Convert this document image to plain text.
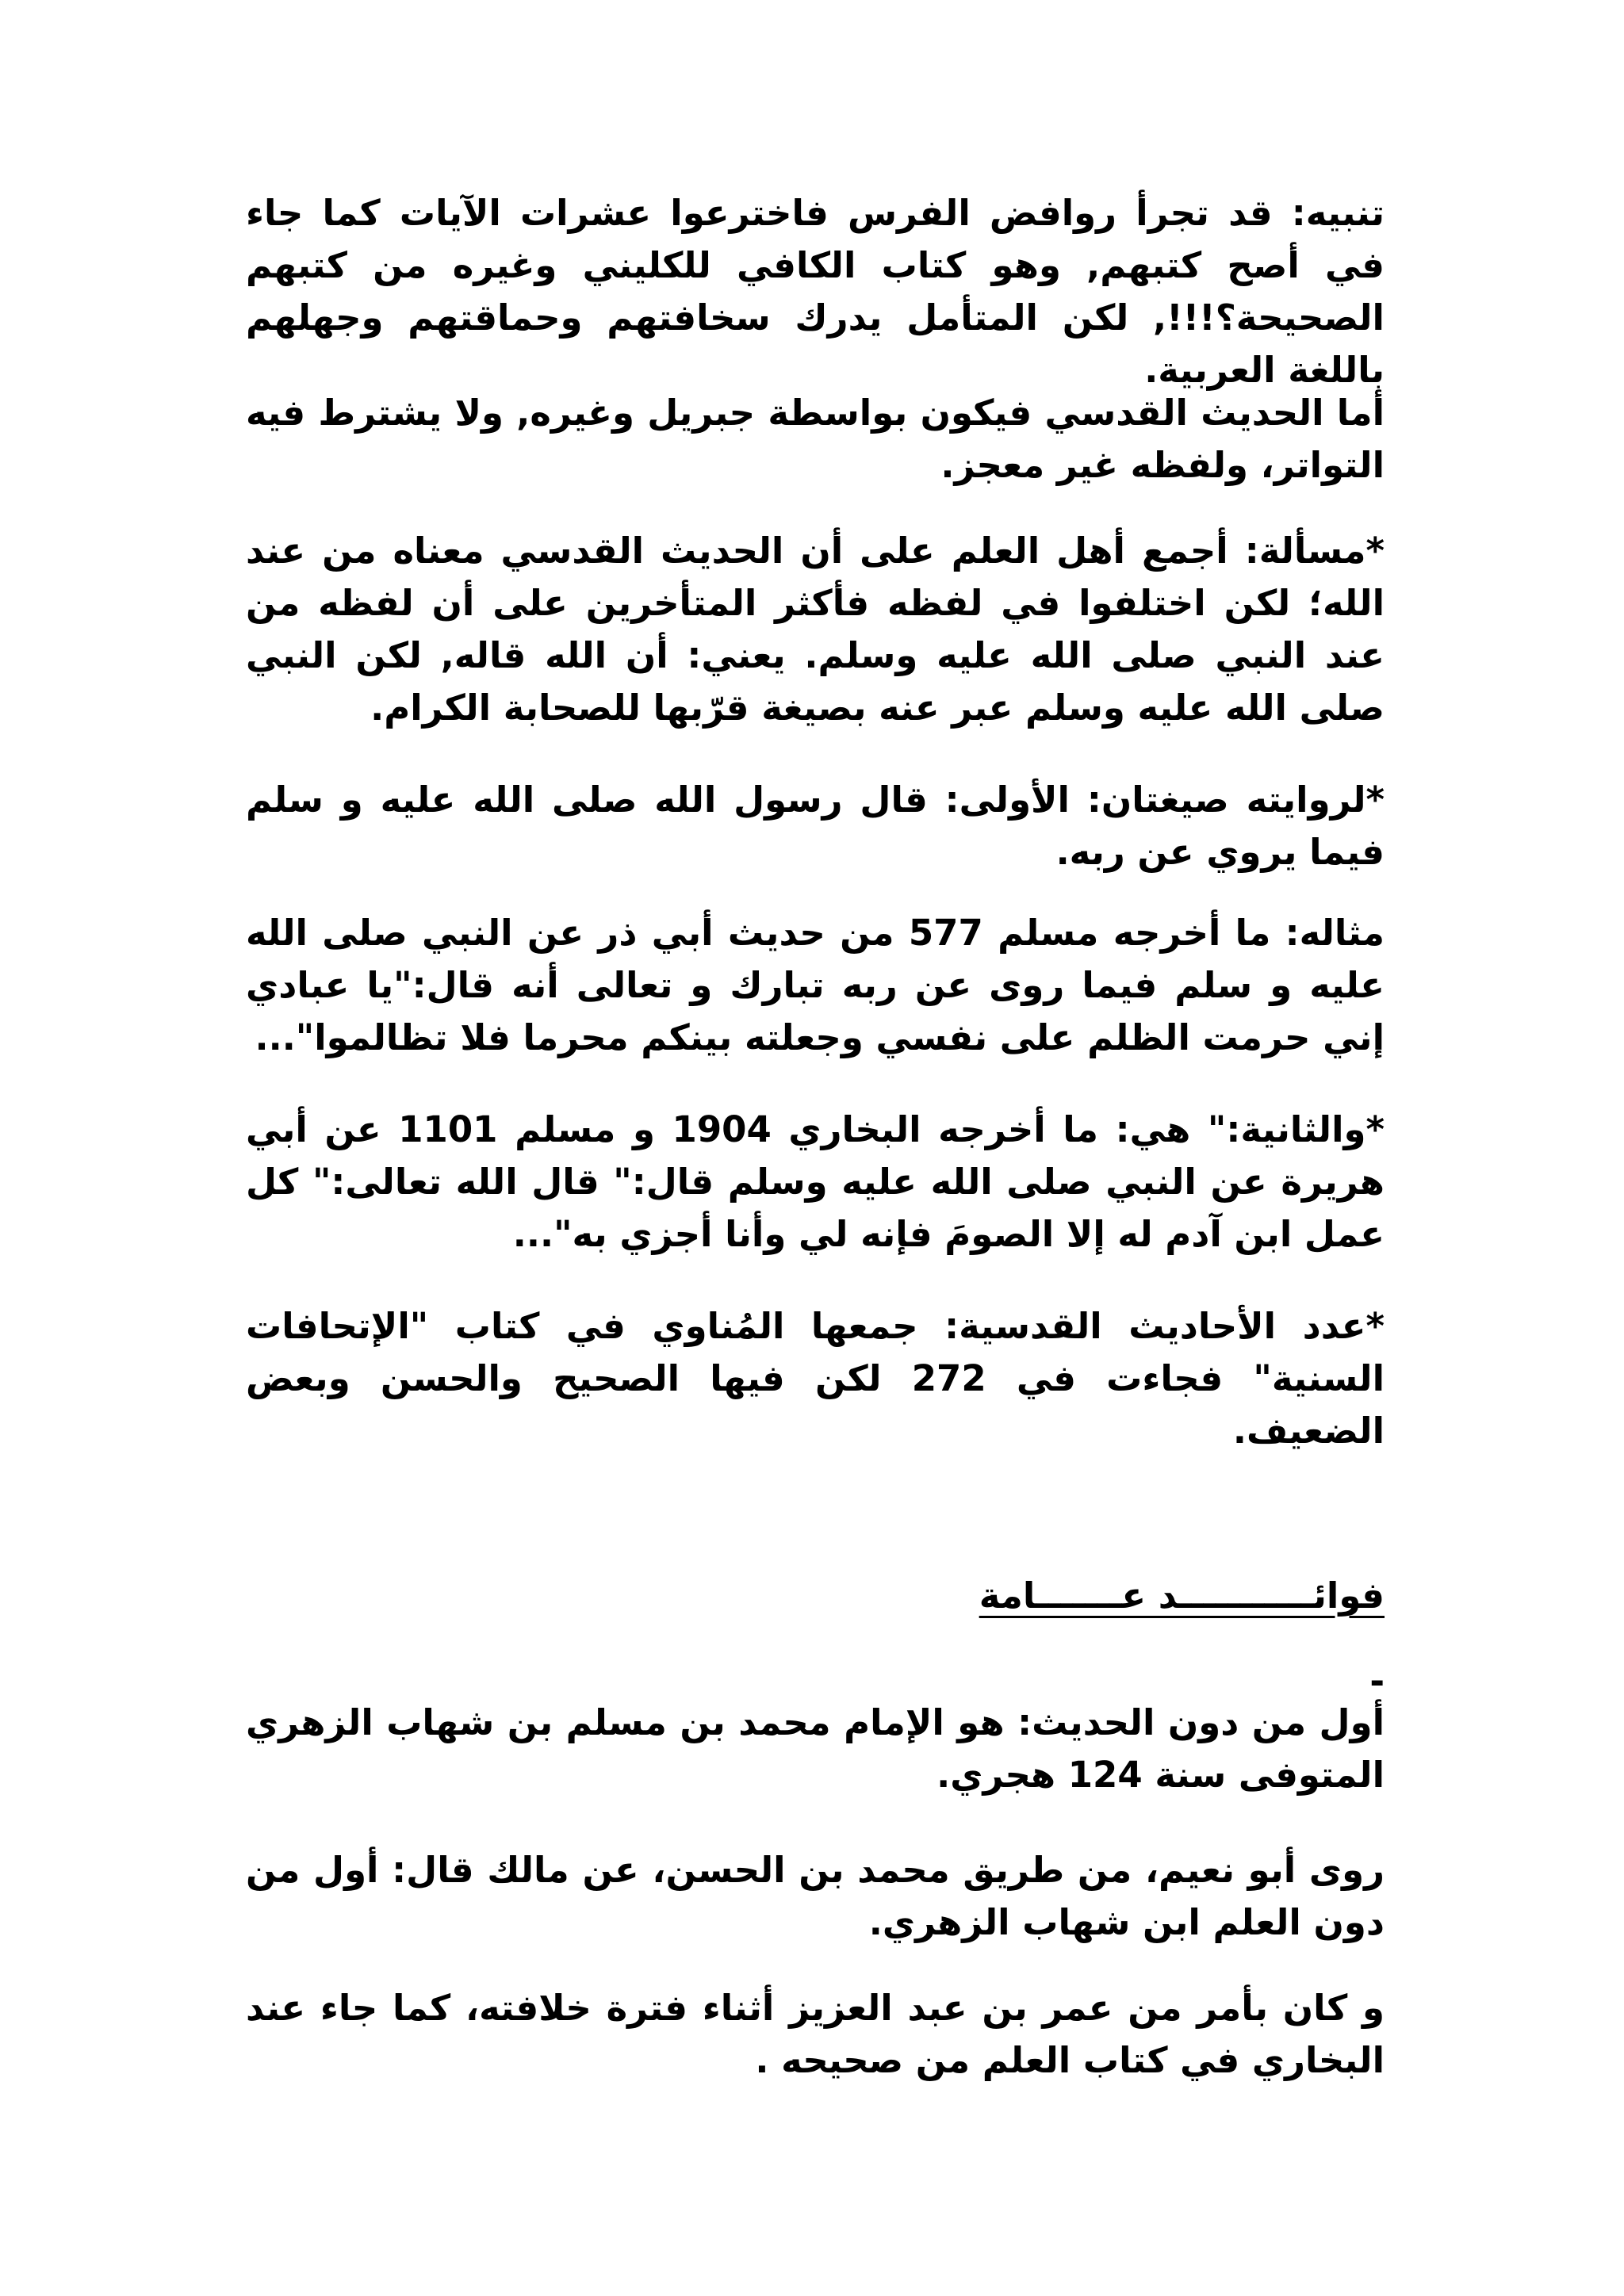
تنبيه: قد تجرأ روافض الفرس فاخترعوا عشرات الآيات كما جاء في أصح كتبهم, وهو كتاب الكافي للكليني وغيره من كتبهم الصحيحة؟!!!, لكن المتأمل يدرك سخافتهم وحماقتهم وجهلهم باللغة العربية.

أما الحديث القدسي فيكون بواسطة جبريل وغيره, ولا يشترط فيه التواتر، ولفظه غير معجز.

*مسألة: أجمع أهل العلم على أن الحديث القدسي معناه من عند الله؛ لكن اختلفوا في لفظه فأكثر المتأخرين على أن لفظه من عند النبي صلى الله عليه وسلم. يعني: أن الله قاله, لكن النبي صلى الله عليه وسلم عبر عنه بصيغة قرّبها للصحابة الكرام.

*لروايته صيغتان: الأولى: قال رسول الله صلى الله عليه و سلم فيما يروي عن ربه.

مثاله: ما أخرجه مسلم 577 من حديث أبي ذر عن النبي صلى الله عليه و سلم فيما روى عن ربه تبارك و تعالى أنه قال:"يا عبادي إني حرمت الظلم على نفسي وجعلته بينكم محرما فلا تظالموا"...

*والثانية:" هي: ما أخرجه البخاري 1904 و مسلم 1101 عن أبي هريرة عن النبي صلى الله عليه وسلم قال:" قال الله تعالى:" كل عمل ابن آدم له إلا الصومَ فإنه لي وأنا أجزي به"...

*عدد الأحاديث القدسية: جمعها المُناوي في كتاب "الإتحافات السنية" فجاءت في 272 لكن فيها الصحيح والحسن وبعض الضعيف.

فوائـــــــــــد عـــــــامة

-

أول من دون الحديث: هو الإمام محمد بن مسلم بن شهاب الزهري المتوفى سنة 124 هجري.

روى أبو نعيم، من طريق محمد بن الحسن، عن مالك قال: أول من دون العلم ابن شهاب الزهري.

و كان بأمر من عمر بن عبد العزيز أثناء فترة خلافته، كما جاء عند البخاري في كتاب العلم من صحيحه .
